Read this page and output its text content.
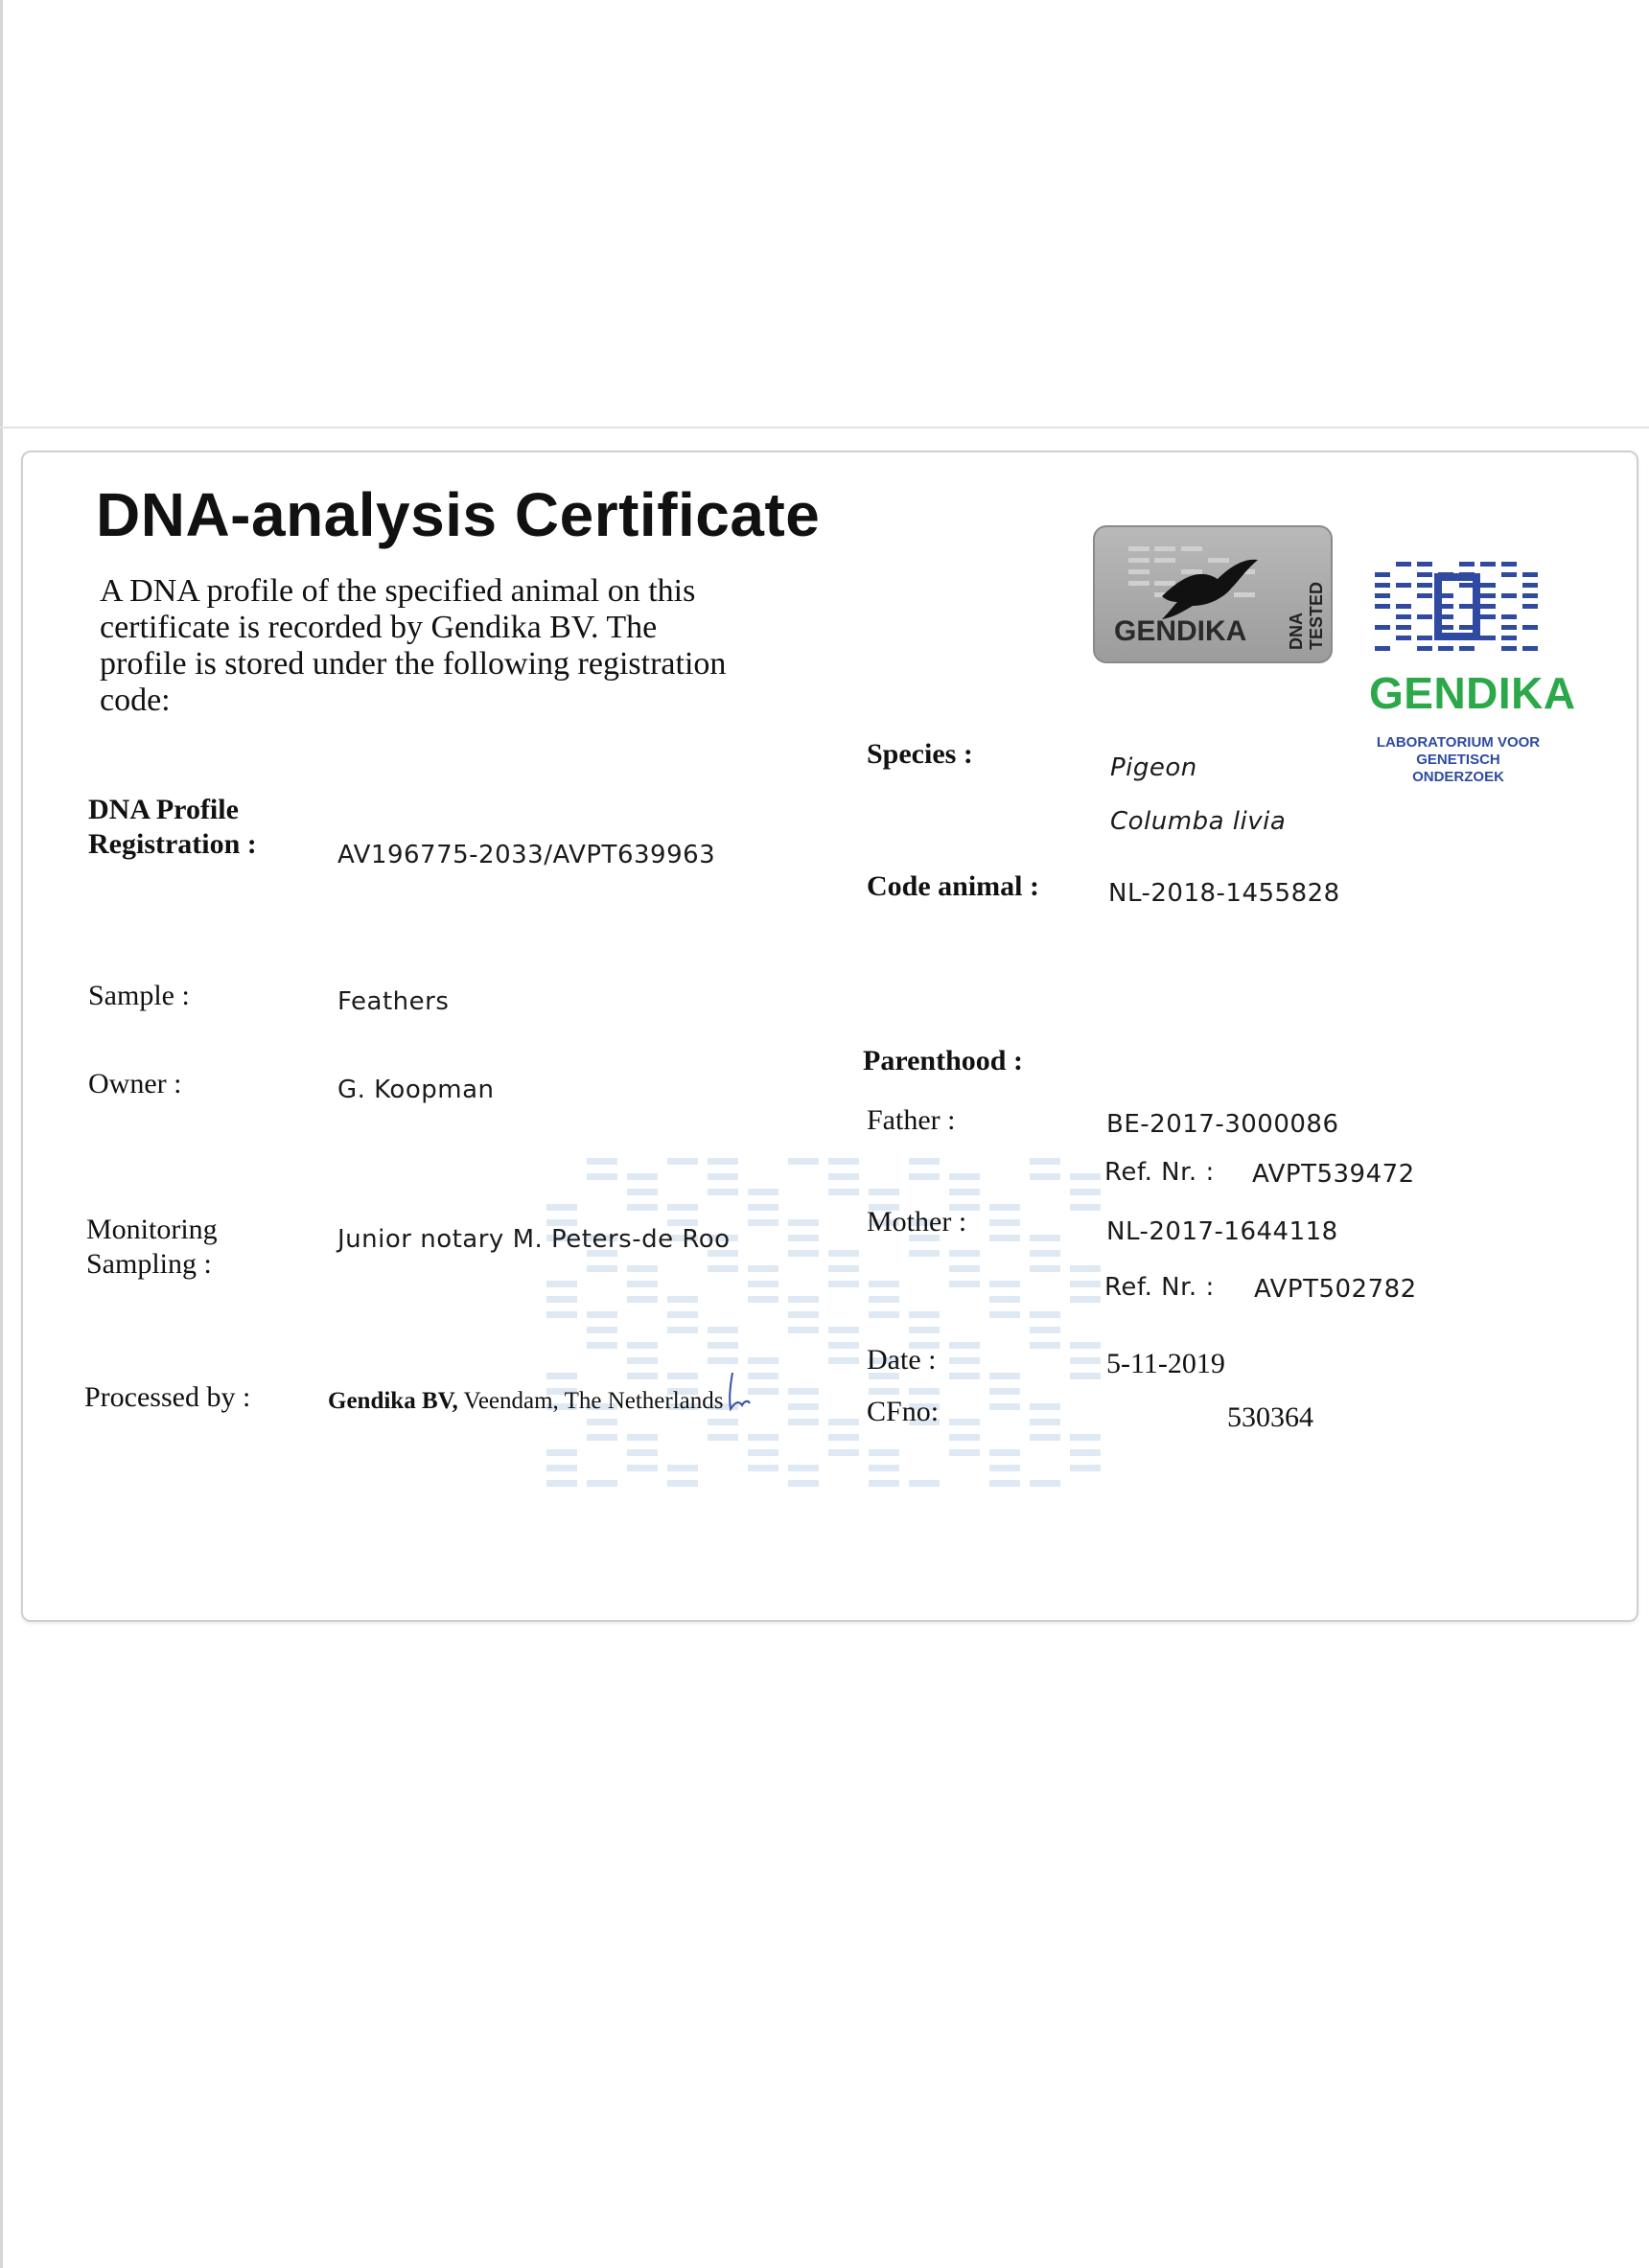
DNA-analysis Certificate
A DNA profile of the specified animal on this certificate is recorded by Gendika BV. The profile is stored under the following registration code:
GENDIKA DNA TESTED
GENDIKA
LABORATORIUM VOOR
GENETISCH ONDERZOEK
DNA Profile
Registration :	AV196775-2033/AVPT639963
Sample :	Feathers
Owner :	G. Koopman
Monitoring
Sampling :
Junior notary M. Peters-de Roo
Processed by :	Gendika BV, Veendam, The Netherlands
Species :	Pigeon
Columba livia
Code animal :	NL-2018-1455828
Parenthood :
Father :	BE-2017-3000086
Ref. Nr. : AVPT539472
Mother :	NL-2017-1644118
Ref. Nr. : AVPT502782
Date :	5-11-2019
CFno:	530364
